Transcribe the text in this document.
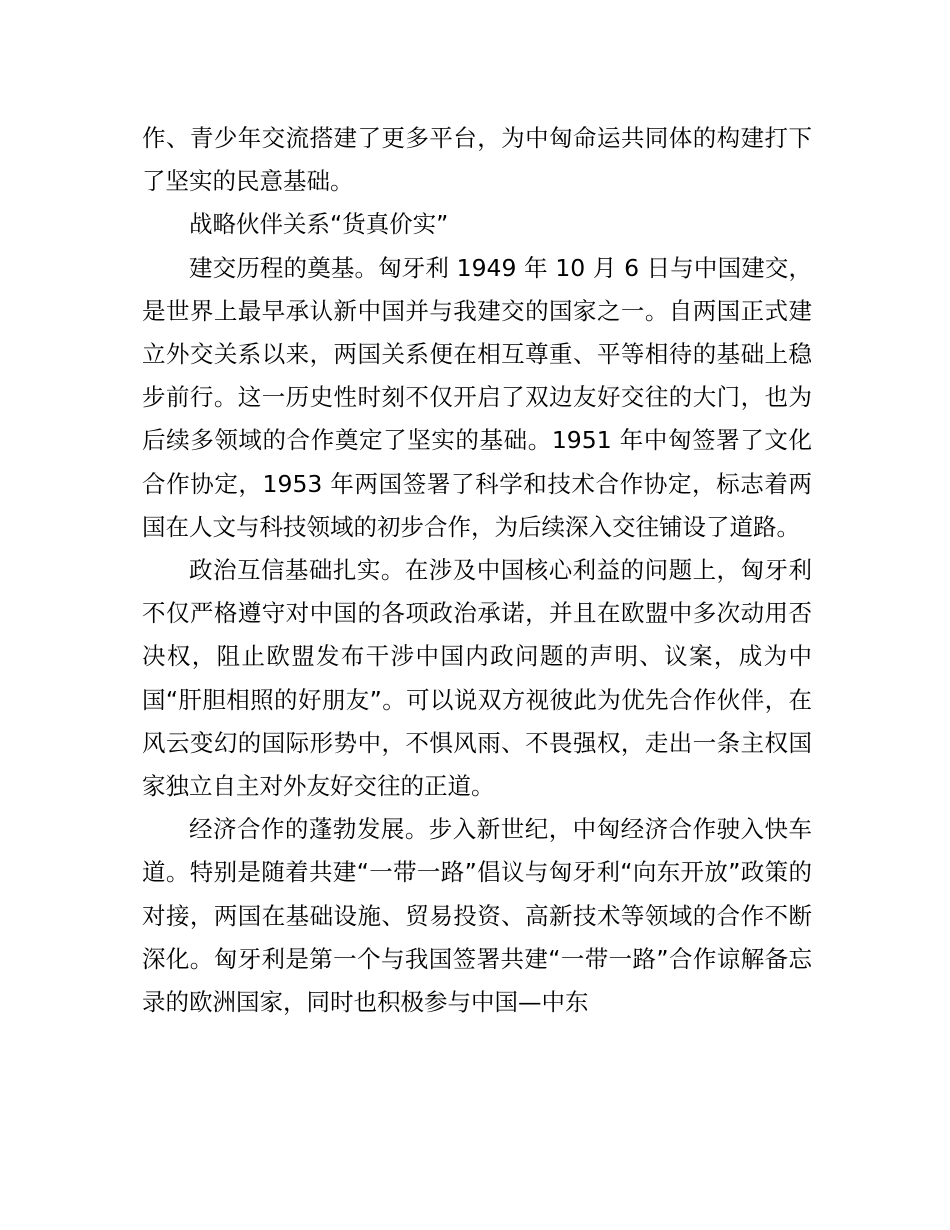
作、青少年交流搭建了更多平台，为中匈命运共同体的构建打下了坚实的民意基础。

战略伙伴关系“货真价实”

建交历程的奠基。匈牙利 1949 年 10 月 6 日与中国建交，是世界上最早承认新中国并与我建交的国家之一。自两国正式建立外交关系以来，两国关系便在相互尊重、平等相待的基础上稳步前行。这一历史性时刻不仅开启了双边友好交往的大门，也为后续多领域的合作奠定了坚实的基础。1951 年中匈签署了文化合作协定，1953 年两国签署了科学和技术合作协定，标志着两国在人文与科技领域的初步合作，为后续深入交往铺设了道路。

政治互信基础扎实。在涉及中国核心利益的问题上，匈牙利不仅严格遵守对中国的各项政治承诺，并且在欧盟中多次动用否决权，阻止欧盟发布干涉中国内政问题的声明、议案，成为中国“肝胆相照的好朋友”。可以说双方视彼此为优先合作伙伴，在风云变幻的国际形势中，不惧风雨、不畏强权，走出一条主权国家独立自主对外友好交往的正道。

经济合作的蓬勃发展。步入新世纪，中匈经济合作驶入快车道。特别是随着共建“一带一路”倡议与匈牙利“向东开放”政策的对接，两国在基础设施、贸易投资、高新技术等领域的合作不断深化。匈牙利是第一个与我国签署共建“一带一路”合作谅解备忘录的欧洲国家，同时也积极参与中国—中东
